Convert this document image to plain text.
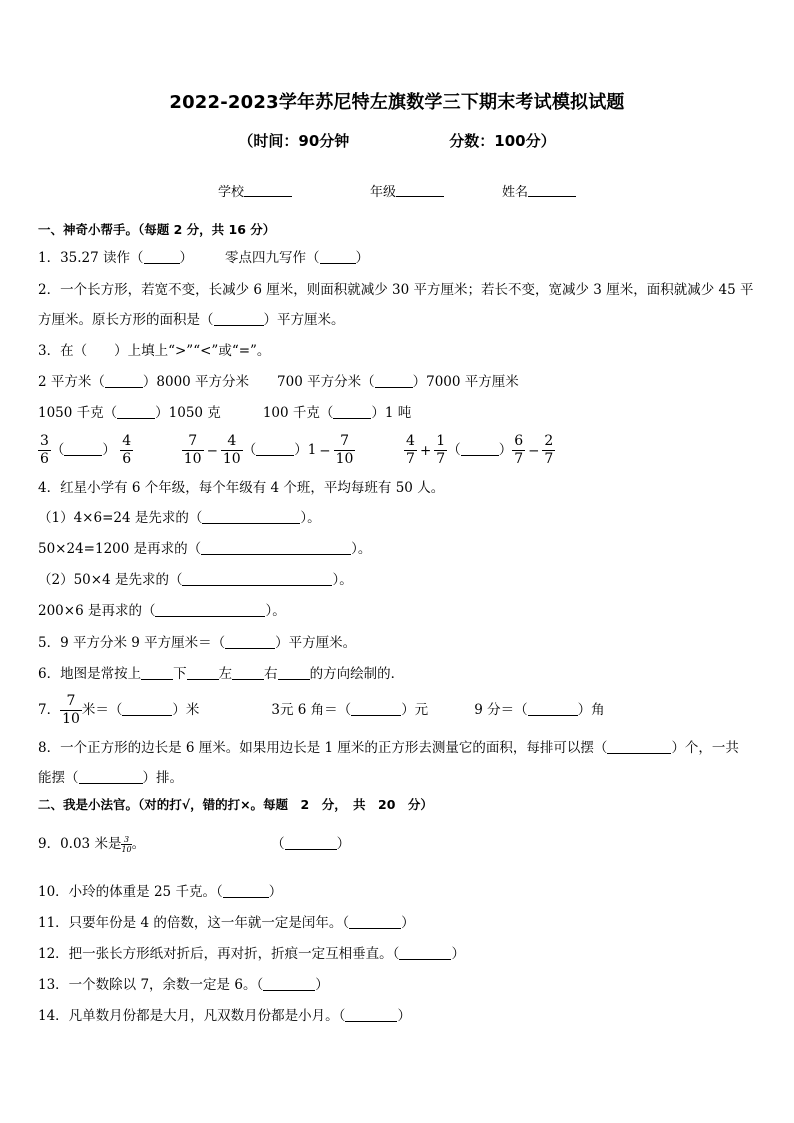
2022-2023学年苏尼特左旗数学三下期末考试模拟试题
（时间：90分钟	分数：100分）
学校	年级	姓名
一、神奇小帮手。（每题 2 分，共 16 分）
1．35.27 读作（	） 零点四九写作（	）
2．一个长方形，若宽不变，长减少 6 厘米，则面积就减少 30 平方厘米；若长不变，宽减少 3 厘米，面积就减少 45 平
方厘米。原长方形的面积是（	）平方厘米。
3．在（　　）上填上“>”“<”或“=”。
2 平方米（	）8000 平方分米 700 平方分米（	）7000 平方厘米
1050 千克（	）1050 克	100 千克（	）1 吨
$\frac{3}{6}$ （	） $\frac{4}{6}$
	$\frac{7}{10} - \frac{4}{10}$ （	）$1 - \frac{7}{10}$
	$\frac{4}{7} + \frac{1}{7}$ （	） $\frac{6}{7} - \frac{2}{7}$
4．红星小学有 6 个年级，每个年级有 4 个班，平均每班有 50 人。
（1）4×6=24 是先求的（	）。
50×24=1200 是再求的（	）。
（2）50×4 是先求的（	）。
200×6 是再求的（	）。
5．9 平方分米 9 平方厘米＝（	）平方厘米。
6．地图是常按上 下 左 右 的方向绘制的．
7． $\frac{7}{10}$ 米＝（	）米	3元 6 角＝（	）元	9 分＝（	）角
8．一个正方形的边长是 6 厘米。如果用边长是 1 厘米的正方形去测量它的面积，每排可以摆（	）个，一共
能摆（	）排。
二、我是小法官。（对的打√，错的打×。每题　2　分，　共　20　分）
9．0.03 米是$\frac{3}{10}$ 。	（	）
10．小玲的体重是 25 千克。（	）
11．只要年份是 4 的倍数，这一年就一定是闰年。（	）
12．把一张长方形纸对折后，再对折，折痕一定互相垂直。（	）
13．一个数除以 7，余数一定是 6。（	）
14．凡单数月份都是大月，凡双数月份都是小月。（	）
